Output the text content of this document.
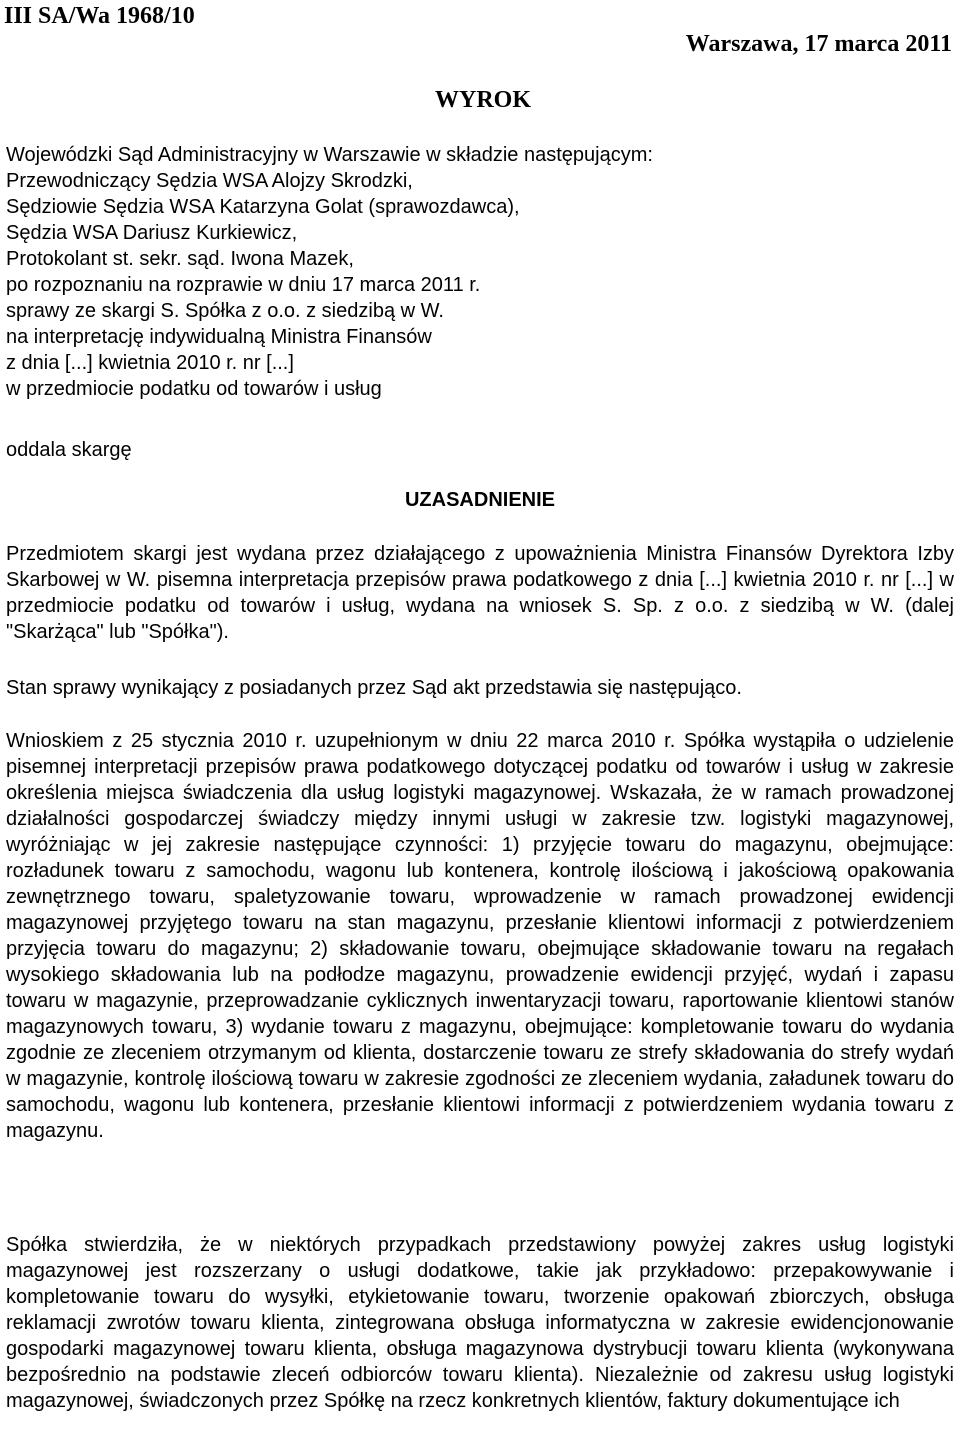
III SA/Wa 1968/10
Warszawa, 17 marca 2011
WYROK
Wojewódzki Sąd Administracyjny w Warszawie w składzie następującym:
Przewodniczący Sędzia WSA Alojzy Skrodzki,
Sędziowie Sędzia WSA Katarzyna Golat (sprawozdawca),
Sędzia WSA Dariusz Kurkiewicz,
Protokolant st. sekr. sąd. Iwona Mazek,
po rozpoznaniu na rozprawie w dniu 17 marca 2011 r.
sprawy ze skargi S. Spółka z o.o. z siedzibą w W.
na interpretację indywidualną Ministra Finansów
z dnia [...] kwietnia 2010 r. nr [...]
w przedmiocie podatku od towarów i usług
oddala skargę
UZASADNIENIE

Przedmiotem skargi jest wydana przez działającego z upoważnienia Ministra Finansów Dyrektora Izby Skarbowej w W. pisemna interpretacja przepisów prawa podatkowego z dnia [...] kwietnia 2010 r. nr [...] w przedmiocie podatku od towarów i usług, wydana na wniosek S. Sp. z o.o. z siedzibą w W. (dalej "Skarżąca" lub "Spółka").

Stan sprawy wynikający z posiadanych przez Sąd akt przedstawia się następująco.

Wnioskiem z 25 stycznia 2010 r. uzupełnionym w dniu 22 marca 2010 r. Spółka wystąpiła o udzielenie pisemnej interpretacji przepisów prawa podatkowego dotyczącej podatku od towarów i usług w zakresie określenia miejsca świadczenia dla usług logistyki magazynowej. Wskazała, że w ramach prowadzonej działalności gospodarczej świadczy między innymi usługi w zakresie tzw. logistyki magazynowej, wyróżniając w jej zakresie następujące czynności: 1) przyjęcie towaru do magazynu, obejmujące: rozładunek towaru z samochodu, wagonu lub kontenera, kontrolę ilościową i jakościową opakowania zewnętrznego towaru, spaletyzowanie towaru, wprowadzenie w ramach prowadzonej ewidencji magazynowej przyjętego towaru na stan magazynu, przesłanie klientowi informacji z potwierdzeniem przyjęcia towaru do magazynu; 2) składowanie towaru, obejmujące składowanie towaru na regałach wysokiego składowania lub na podłodze magazynu, prowadzenie ewidencji przyjęć, wydań i zapasu towaru w magazynie, przeprowadzanie cyklicznych inwentaryzacji towaru, raportowanie klientowi stanów magazynowych towaru, 3) wydanie towaru z magazynu, obejmujące: kompletowanie towaru do wydania zgodnie ze zleceniem otrzymanym od klienta, dostarczenie towaru ze strefy składowania do strefy wydań w magazynie, kontrolę ilościową towaru w zakresie zgodności ze zleceniem wydania, załadunek towaru do samochodu, wagonu lub kontenera, przesłanie klientowi informacji z potwierdzeniem wydania towaru z magazynu.

Spółka stwierdziła, że w niektórych przypadkach przedstawiony powyżej zakres usług logistyki magazynowej jest rozszerzany o usługi dodatkowe, takie jak przykładowo: przepakowywanie i kompletowanie towaru do wysyłki, etykietowanie towaru, tworzenie opakowań zbiorczych, obsługa reklamacji zwrotów towaru klienta, zintegrowana obsługa informatyczna w zakresie ewidencjonowanie gospodarki magazynowej towaru klienta, obsługa magazynowa dystrybucji towaru klienta (wykonywana bezpośrednio na podstawie zleceń odbiorców towaru klienta). Niezależnie od zakresu usług logistyki magazynowej, świadczonych przez Spółkę na rzecz konkretnych klientów, faktury dokumentujące ich
